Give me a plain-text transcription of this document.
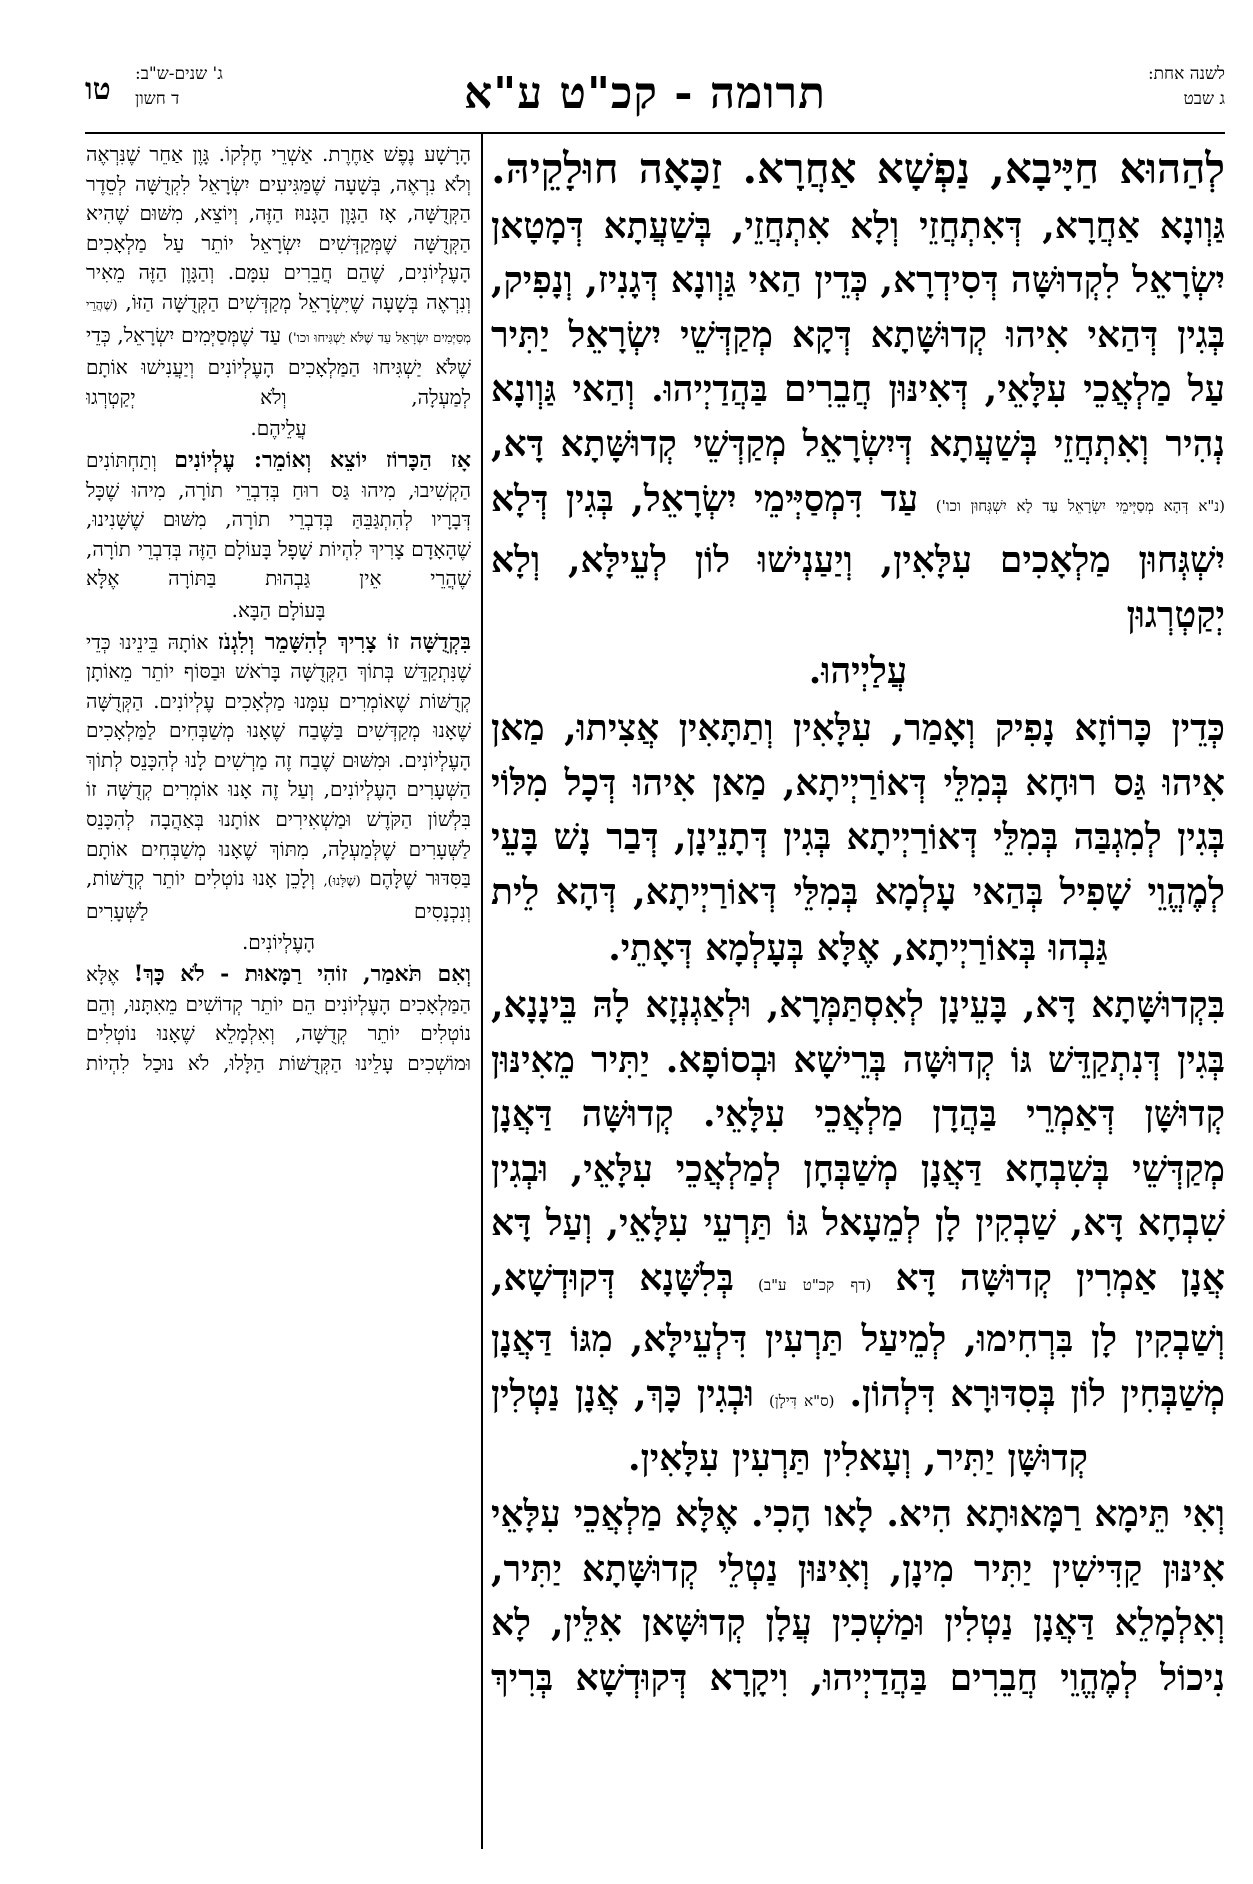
לשנה אחת:
ג שבט
תרומה - קכ"ט ע"א
ג' שנים-ש"ב:
ד חשון
טו

לְהַהוּא חַיָּיבָא, נַפְשָׁא אַחֲרָא. זַכָּאָה חוּלָקֵיהּ. גַּוְונָא אַחֲרָא, דְּאִתְחֲזֵי וְלָא אִתְחֲזֵי, בְּשַׁעֲתָא דְּמָטָאן יִשְׂרָאֵל לִקְדוּשָּׁה דְּסִידְרָא, כְּדֵין הַאי גַּוְונָא דְּגָנִיז, וְנָפִיק, בְּגִין דְּהַאי אִיהוּ קְדוּשָּׁתָא דְּקָא מְקַדְּשֵׁי יִשְׂרָאֵל יַתִּיר עַל מַלְאֲכֵי עִלָּאֵי, דְּאִינּוּן חֲבֵרִים בַּהֲדַיְיהוּ. וְהַאי גַּוְונָא נְהִיר וְאִתְחֲזֵי בְּשַׁעֲתָא דְּיִשְׂרָאֵל מְקַדְּשֵׁי קְדוּשָּׁתָא דָּא, (נ"א דְּהָא מְסַיְּימֵי יִשְׂרָאֵל עַד לָא יִשְׁגְּחוּן וכו') עַד דִּמְסַיְּימֵי יִשְׂרָאֵל, בְּגִין דְּלָא יִשְׁגְּחוּן מַלְאָכִים עִלָּאִין, וְיַעַנְישׁוּ לוֹן לְעֵילָּא, וְלָא יְקַטְרְגוּן

עֲלַיְיהוּ.

כְּדֵין כָּרוֹזָא נָפִיק וְאָמַר, עִלָּאִין וְתַתָּאִין אֲצִיתוּ, מַאן אִיהוּ גַּס רוּחָא בְּמִלֵּי דְּאוֹרַיְיתָא, מַאן אִיהוּ דְּכָל מִלּוֹי בְּגִין לְמִגְבַּה בְּמִלֵּי דְּאוֹרַיְיתָא בְּגִין דְּתָנֵינָן, דְּבַר נָשׁ בָּעֵי לְמֶהֱוֵי שָׁפִיל בְּהַאי עָלְמָא בְּמִלֵּי דְּאוֹרַיְיתָא, דְּהָא לֵית

גַּבְהוּ בְּאוֹרַיְיתָא, אֶלָּא בְּעָלְמָא דְּאָתֵי.

בִּקְדוּשָּׁתָא דָּא, בָּעֵינָן לְאִסְתַּמְּרָא, וּלְאַגְנְזָא לָהּ בֵּינָנָא, בְּגִין דְּנִתְקַדֵּשׁ גּוֹ קְדוּשָּׁה בְּרֵישָׁא וּבְסוֹפָא. יַתִּיר מֵאִינּוּן קְדוּשָּׁן דְּאַמְרֵי בַּהֲדָן מַלְאֲכֵי עִלָּאֵי. קְדוּשָּׁה דַּאֲנָן מְקַדְּשֵׁי בְּשִׁבְחָא דַּאֲנָן מְשַׁבְּחָן לְמַלְאֲכֵי עִלָּאֵי, וּבְגִין שִׁבְחָא דָּא, שַׁבְקִין לָן לְמֵעָאל גּוֹ תַּרְעֵי עִלָּאֵי, וְעַל דָּא אֲנָן אַמְרִין קְדוּשָּׁה דָּא (דף קכ"ט ע"ב) בְּלִשָּׁנָא דְּקוּדְשָׁא, וְשַׁבְקִין לָן בִּרְחִימוּ, לְמֵיעַל תַּרְעִין דִּלְעֵילָּא, מִגּוֹ דַּאֲנָן מְשַׁבְּחִין לוֹן בְּסִדּוּרָא דִּלְהוֹן. (ס"א דִּילָן) וּבְגִין כָּךְ, אֲנָן נַטְלִין

קְדוּשָּׁן יַתִּיר, וְעָאלִין תַּרְעִין עִלָּאִין.

וְאִי תֵּימָא רַמָּאוּתָא הִיא. לָאו הָכִי. אֶלָּא מַלְאֲכֵי עִלָּאֵי אִינּוּן קַדִּישִׁין יַתִּיר מִינָן, וְאִינּוּן נַטְלֵי קְדוּשָּׁתָא יַתִּיר, וְאִלְמָלֵא דַּאֲנָן נַטְלִין וּמַשְׁכִין עֲלָן קְדוּשָּׁאן אִלֵּין, לָא נִיכוֹל לְמֶהֱוֵי חֲבֵרִים בַּהֲדַיְיהוּ, וִיקָרָא דְּקוּדְשָׁא בְּרִיךְ

הָרָשָׁע נֶפֶשׁ אַחֶרֶת. אַשְׁרֵי חֶלְקוֹ. גָּוֶן אַחֵר שֶׁנִּרְאֶה וְלֹא נִרְאֶה, בְּשָׁעָה שֶׁמַּגִּיעִים יִשְׂרָאֵל לִקְדֻשָּׁה לְסֵדֶר הַקְּדֻשָּׁה, אָז הַגָּוֶן הַגָּנוּז הַזֶּה, וְיוֹצֵא, מִשּׁוּם שֶׁהִיא הַקְּדֻשָּׁה שֶׁמְּקַדְּשִׁים יִשְׂרָאֵל יוֹתֵר עַל מַלְאָכִים הָעֶלְיוֹנִים, שֶׁהֵם חֲבֵרִים עִמָּם. וְהַגָּוֶן הַזֶּה מֵאִיר וְנִרְאֶה בְּשָׁעָה שֶׁיִּשְׂרָאֵל מְקַדְּשִׁים הַקְּדֻשָּׁה הַזּוֹ, (שֶׁהֲרֵי מְסַיְּמִים יִשְׂרָאֵל עַד שֶׁלֹּא יַשְׁגִּיחוּ וכו') עַד שֶׁמְּסַיְּמִים יִשְׂרָאֵל, כְּדֵי שֶׁלֹּא יַשְׁגִּיחוּ הַמַּלְאָכִים הָעֶלְיוֹנִים וְיַעֲנִישׁוּ אוֹתָם לְמַעְלָה, וְלֹא יְקַטְרְגוּ

עֲלֵיהֶם.

אָז הַכָּרוֹז יוֹצֵא וְאוֹמֵר: עֶלְיוֹנִים וְתַחְתּוֹנִים הַקְשִׁיבוּ, מִיהוּ גַּס רוּחַ בְּדִבְרֵי תוֹרָה, מִיהוּ שֶׁכָּל דְּבָרָיו לְהִתְגַּבֵּהַּ בְּדִבְרֵי תוֹרָה, מִשּׁוּם שֶׁשָּׁנִינוּ, שֶׁהָאָדָם צָרִיךְ לִהְיוֹת שָׁפָל בָּעוֹלָם הַזֶּה בְּדִבְרֵי תוֹרָה, שֶׁהֲרֵי אֵין גַּבְהוּת בַּתּוֹרָה אֶלָּא

בָּעוֹלָם הַבָּא.

בִּקְדֻשָּׁה זוֹ צָרִיךְ לְהִשָּׁמֵר וְלִגְנֹז אוֹתָהּ בֵּינֵינוּ כְּדֵי שֶׁנִּתְקַדֵּשׁ בְּתוֹךְ הַקְּדֻשָּׁה בָּרֹאשׁ וּבַסּוֹף יוֹתֵר מֵאוֹתָן קְדֻשּׁוֹת שֶׁאוֹמְרִים עִמָּנוּ מַלְאָכִים עֶלְיוֹנִים. הַקְּדֻשָּׁה שֶׁאָנוּ מְקַדְּשִׁים בַּשֶּׁבַח שֶׁאָנוּ מְשַׁבְּחִים לַמַּלְאָכִים הָעֶלְיוֹנִים. וּמִשּׁוּם שֶׁבַח זֶה מַרְשִׁים לָנוּ לְהִכָּנֵס לְתוֹךְ הַשְּׁעָרִים הָעֶלְיוֹנִים, וְעַל זֶה אָנוּ אוֹמְרִים קְדֻשָּׁה זוֹ בִּלְשׁוֹן הַקֹּדֶשׁ וּמַשְׁאִירִים אוֹתָנוּ בְּאַהֲבָה לְהִכָּנֵס לַשְּׁעָרִים שֶׁלְּמַעְלָה, מִתּוֹךְ שֶׁאָנוּ מְשַׁבְּחִים אוֹתָם בַּסִּדּוּר שֶׁלָּהֶם (שֶׁלָּנוּ), וְלָכֵן אָנוּ נוֹטְלִים יוֹתֵר קְדֻשּׁוֹת, וְנִכְנָסִים לַשְּׁעָרִים

הָעֶלְיוֹנִים.

וְאִם תֹּאמַר, זוֹהִי רַמָּאוּת - לֹא כָּךְ! אֶלָּא הַמַּלְאָכִים הָעֶלְיוֹנִים הֵם יוֹתֵר קְדוֹשִׁים מֵאִתָּנוּ, וְהֵם נוֹטְלִים יוֹתֵר קְדֻשָּׁה, וְאִלְמָלֵא שֶׁאָנוּ נוֹטְלִים וּמוֹשְׁכִים עָלֵינוּ הַקְּדֻשּׁוֹת הַלָּלוּ, לֹא נוּכַל לִהְיוֹת
